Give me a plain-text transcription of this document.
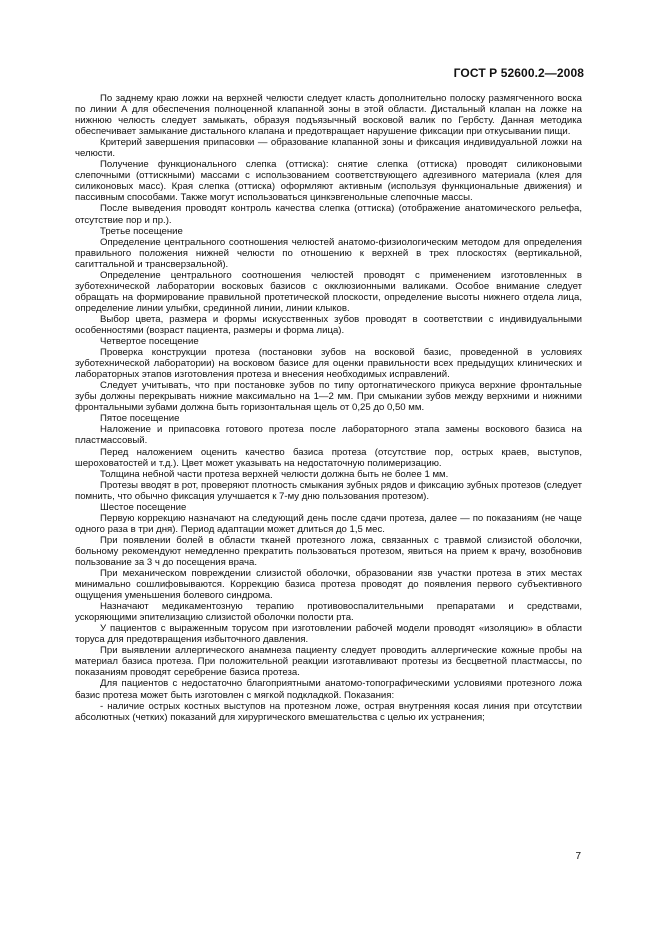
ГОСТ Р 52600.2—2008

По заднему краю ложки на верхней челюсти следует класть дополнительно полоску размягченного воска по линии А для обеспечения полноценной клапанной зоны в этой области. Дистальный клапан на ложке на нижнюю челюсть следует замыкать, образуя подъязычный восковой валик по Гербсту. Данная методика обеспечивает замыкание дистального клапана и предотвращает нарушение фиксации при откусывании пищи.

Критерий завершения припасовки — образование клапанной зоны и фиксация индивидуальной ложки на челюсти.

Получение функционального слепка (оттиска): снятие слепка (оттиска) проводят силиконовыми слепочными (оттискными) массами с использованием соответствующего адгезивного материала (клея для силиконовых масс). Края слепка (оттиска) оформляют активным (используя функциональные движения) и пассивным способами. Также могут использоваться цинкэвгенольные слепочные массы.

После выведения проводят контроль качества слепка (оттиска) (отображение анатомического рельефа, отсутствие пор и пр.).

Третье посещение

Определение центрального соотношения челюстей анатомо-физиологическим методом для определения правильного положения нижней челюсти по отношению к верхней в трех плоскостях (вертикальной, сагиттальной и трансверзальной).

Определение центрального соотношения челюстей проводят с применением изготовленных в зуботехнической лаборатории восковых базисов с окклюзионными валиками. Особое внимание следует обращать на формирование правильной протетической плоскости, определение высоты нижнего отдела лица, определение линии улыбки, срединной линии, линии клыков.

Выбор цвета, размера и формы искусственных зубов проводят в соответствии с индивидуальными особенностями (возраст пациента, размеры и форма лица).

Четвертое посещение

Проверка конструкции протеза (постановки зубов на восковой базис, проведенной в условиях зуботехнической лаборатории) на восковом базисе для оценки правильности всех предыдущих клинических и лабораторных этапов изготовления протеза и внесения необходимых исправлений.

Следует учитывать, что при постановке зубов по типу ортогнатического прикуса верхние фронтальные зубы должны перекрывать нижние максимально на 1—2 мм. При смыкании зубов между верхними и нижними фронтальными зубами должна быть горизонтальная щель от 0,25 до 0,50 мм.

Пятое посещение

Наложение и припасовка готового протеза после лабораторного этапа замены воскового базиса на пластмассовый.

Перед наложением оценить качество базиса протеза (отсутствие пор, острых краев, выступов, шероховатостей и т.д.). Цвет может указывать на недостаточную полимеризацию.

Толщина небной части протеза верхней челюсти должна быть не более 1 мм.

Протезы вводят в рот, проверяют плотность смыкания зубных рядов и фиксацию зубных протезов (следует помнить, что обычно фиксация улучшается к 7-му дню пользования протезом).

Шестое посещение

Первую коррекцию назначают на следующий день после сдачи протеза, далее — по показаниям (не чаще одного раза в три дня). Период адаптации может длиться до 1,5 мес.

При появлении болей в области тканей протезного ложа, связанных с травмой слизистой оболочки, больному рекомендуют немедленно прекратить пользоваться протезом, явиться на прием к врачу, возобновив пользование за 3 ч до посещения врача.

При механическом повреждении слизистой оболочки, образовании язв участки протеза в этих местах минимально сошлифовываются. Коррекцию базиса протеза проводят до появления первого субъективного ощущения уменьшения болевого синдрома.

Назначают медикаментозную терапию противовоспалительными препаратами и средствами, ускоряющими эпителизацию слизистой оболочки полости рта.

У пациентов с выраженным торусом при изготовлении рабочей модели проводят «изоляцию» в области торуса для предотвращения избыточного давления.

При выявлении аллергического анамнеза пациенту следует проводить аллергические кожные пробы на материал базиса протеза. При положительной реакции изготавливают протезы из бесцветной пластмассы, по показаниям проводят серебрение базиса протеза.

Для пациентов с недостаточно благоприятными анатомо-топографическими условиями протезного ложа базис протеза может быть изготовлен с мягкой подкладкой. Показания:

- наличие острых костных выступов на протезном ложе, острая внутренняя косая линия при отсутствии абсолютных (четких) показаний для хирургического вмешательства с целью их устранения;

7
